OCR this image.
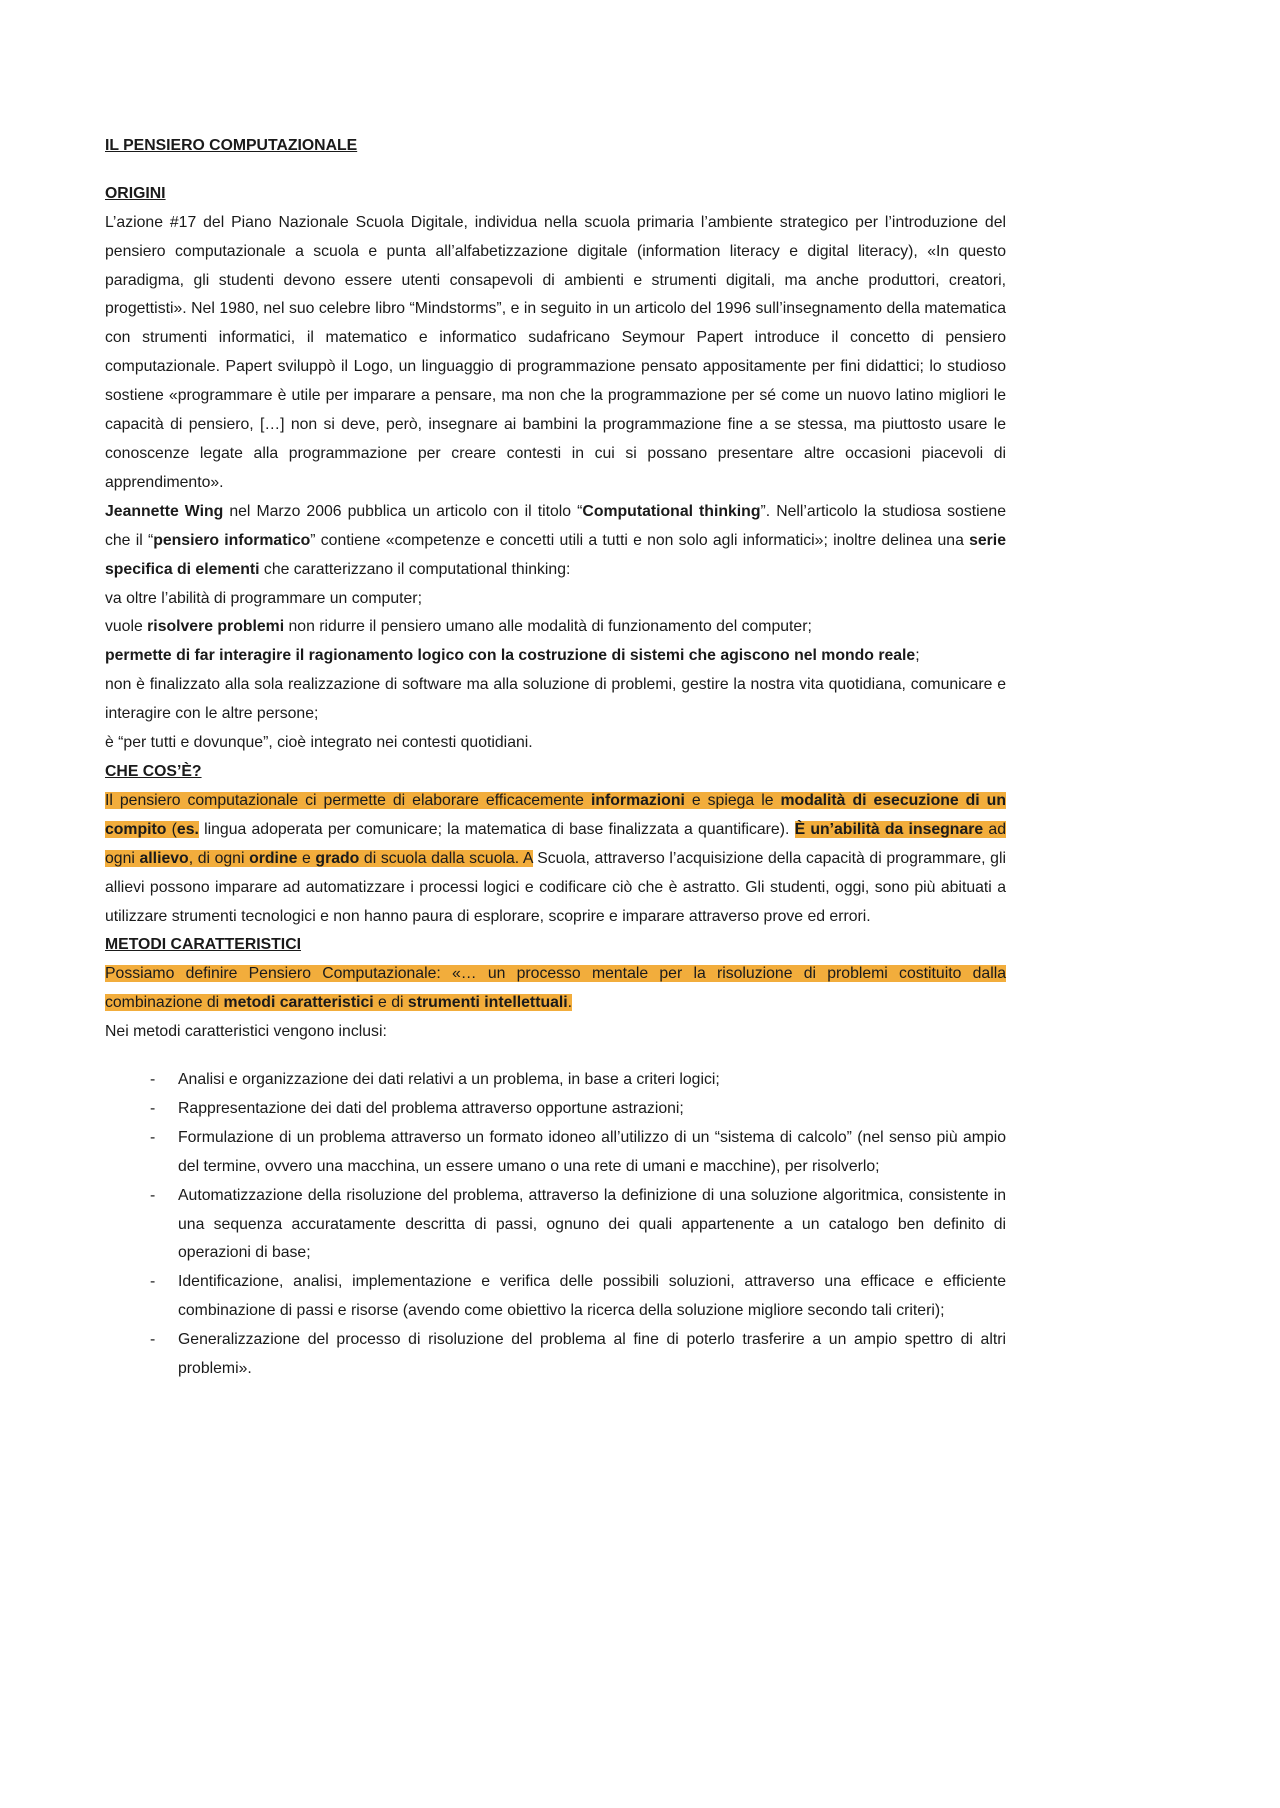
IL PENSIERO COMPUTAZIONALE

ORIGINI

L’azione #17 del Piano Nazionale Scuola Digitale, individua nella scuola primaria l’ambiente strategico per l’introduzione del pensiero computazionale a scuola e punta all’alfabetizzazione digitale (information literacy e digital literacy), «In questo paradigma, gli studenti devono essere utenti consapevoli di ambienti e strumenti digitali, ma anche produttori, creatori, progettisti». Nel 1980, nel suo celebre libro “Mindstorms”, e in seguito in un articolo del 1996 sull’insegnamento della matematica con strumenti informatici, il matematico e informatico sudafricano Seymour Papert introduce il concetto di pensiero computazionale. Papert sviluppò il Logo, un linguaggio di programmazione pensato appositamente per fini didattici; lo studioso sostiene «programmare è utile per imparare a pensare, ma non che la programmazione per sé come un nuovo latino migliori le capacità di pensiero, […] non si deve, però, insegnare ai bambini la programmazione fine a se stessa, ma piuttosto usare le conoscenze legate alla programmazione per creare contesti in cui si possano presentare altre occasioni piacevoli di apprendimento».

Jeannette Wing nel Marzo 2006 pubblica un articolo con il titolo “Computational thinking”. Nell’articolo la studiosa sostiene che il “pensiero informatico” contiene «competenze e concetti utili a tutti e non solo agli informatici»; inoltre delinea una serie specifica di elementi che caratterizzano il computational thinking:

va oltre l’abilità di programmare un computer;

vuole risolvere problemi non ridurre il pensiero umano alle modalità di funzionamento del computer;

permette di far interagire il ragionamento logico con la costruzione di sistemi che agiscono nel mondo reale;

non è finalizzato alla sola realizzazione di software ma alla soluzione di problemi, gestire la nostra vita quotidiana, comunicare e interagire con le altre persone;

è “per tutti e dovunque”, cioè integrato nei contesti quotidiani.

CHE COS’È?

Il pensiero computazionale ci permette di elaborare efficacemente informazioni e spiega le modalità di esecuzione di un compito (es. lingua adoperata per comunicare; la matematica di base finalizzata a quantificare). È un’abilità da insegnare ad ogni allievo, di ogni ordine e grado di scuola dalla scuola. A Scuola, attraverso l’acquisizione della capacità di programmare, gli allievi possono imparare ad automatizzare i processi logici e codificare ciò che è astratto. Gli studenti, oggi, sono più abituati a utilizzare strumenti tecnologici e non hanno paura di esplorare, scoprire e imparare attraverso prove ed errori.

METODI CARATTERISTICI

Possiamo definire Pensiero Computazionale: «… un processo mentale per la risoluzione di problemi costituito dalla combinazione di metodi caratteristici e di strumenti intellettuali.

Nei metodi caratteristici vengono inclusi:

-	Analisi e organizzazione dei dati relativi a un problema, in base a criteri logici;

-	Rappresentazione dei dati del problema attraverso opportune astrazioni;

-	Formulazione di un problema attraverso un formato idoneo all’utilizzo di un “sistema di calcolo” (nel senso più ampio del termine, ovvero una macchina, un essere umano o una rete di umani e macchine), per risolverlo;

-	Automatizzazione della risoluzione del problema, attraverso la definizione di una soluzione algoritmica, consistente in una sequenza accuratamente descritta di passi, ognuno dei quali appartenente a un catalogo ben definito di operazioni di base;

-	Identificazione, analisi, implementazione e verifica delle possibili soluzioni, attraverso una efficace e efficiente combinazione di passi e risorse (avendo come obiettivo la ricerca della soluzione migliore secondo tali criteri);

-	Generalizzazione del processo di risoluzione del problema al fine di poterlo trasferire a un ampio spettro di altri problemi».
